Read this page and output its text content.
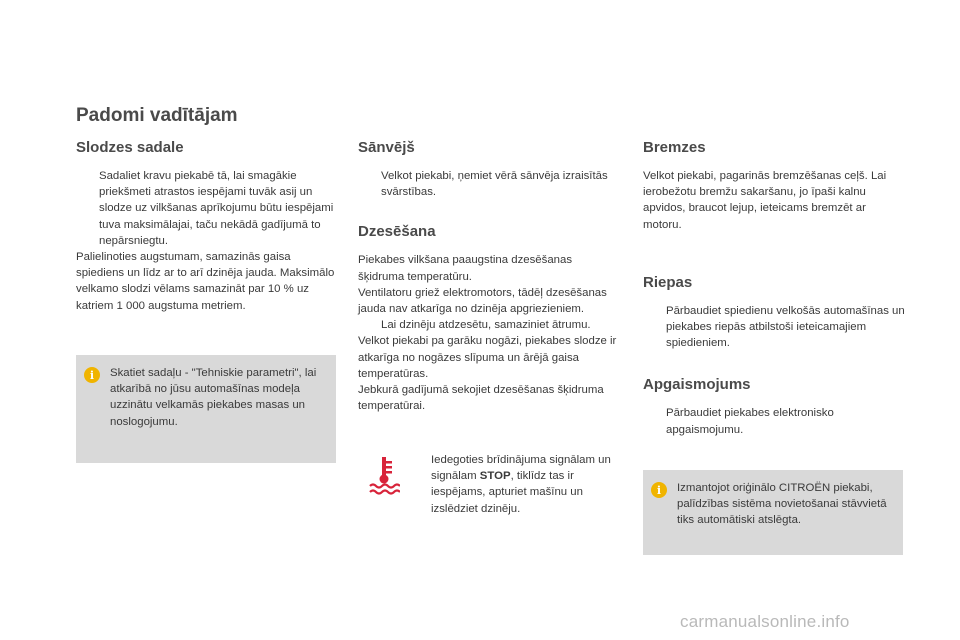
Padomi vadītājam
Slodzes sadale
Sadaliet kravu piekabē tā, lai smagākie priekšmeti atrastos iespējami tuvāk asij un slodze uz vilkšanas aprīkojumu būtu iespējami tuva maksimālajai, taču nekādā gadījumā to nepārsniegtu.

Palielinoties augstumam, samazinās gaisa spiediens un līdz ar to arī dzinēja jauda. Maksimālo velkamo slodzi vēlams samazināt par 10 % uz katriem 1 000 augstuma metriem.

i	Skatiet sadaļu - "Tehniskie parametri", lai atkarībā no jūsu automašīnas modeļa uzzinātu velkamās piekabes masas un noslogojumu.
Sānvējš
Velkot piekabi, ņemiet vērā sānvēja izraisītās svārstības.
Dzesēšana

Piekabes vilkšana paaugstina dzesēšanas šķidruma temperatūru.

Ventilatoru griež elektromotors, tādēļ dzesēšanas jauda nav atkarīga no dzinēja apgriezieniem.

Lai dzinēju atdzesētu, samaziniet ātrumu.

Velkot piekabi pa garāku nogāzi, piekabes slodze ir atkarīga no nogāzes slīpuma un ārējā gaisa temperatūras.

Jebkurā gadījumā sekojiet dzesēšanas šķidruma temperatūrai.

Iedegoties brīdinājuma signālam un signālam STOP, tiklīdz tas ir iespējams, apturiet mašīnu un izslēdziet dzinēju.
Bremzes

Velkot piekabi, pagarinās bremzēšanas ceļš. Lai ierobežotu bremžu sakaršanu, jo īpaši kalnu apvidos, braucot lejup, ieteicams bremzēt ar motoru.

Riepas
Pārbaudiet spiedienu velkošās automašīnas un piekabes riepās atbilstoši ieteicamajiem spiedieniem.
Apgaismojums
Pārbaudiet piekabes elektronisko apgaismojumu.
i	Izmantojot oriģinālo CITROËN piekabi, palīdzības sistēma novietošanai stāvvietā tiks automātiski atslēgta.
carmanualsonline.info
